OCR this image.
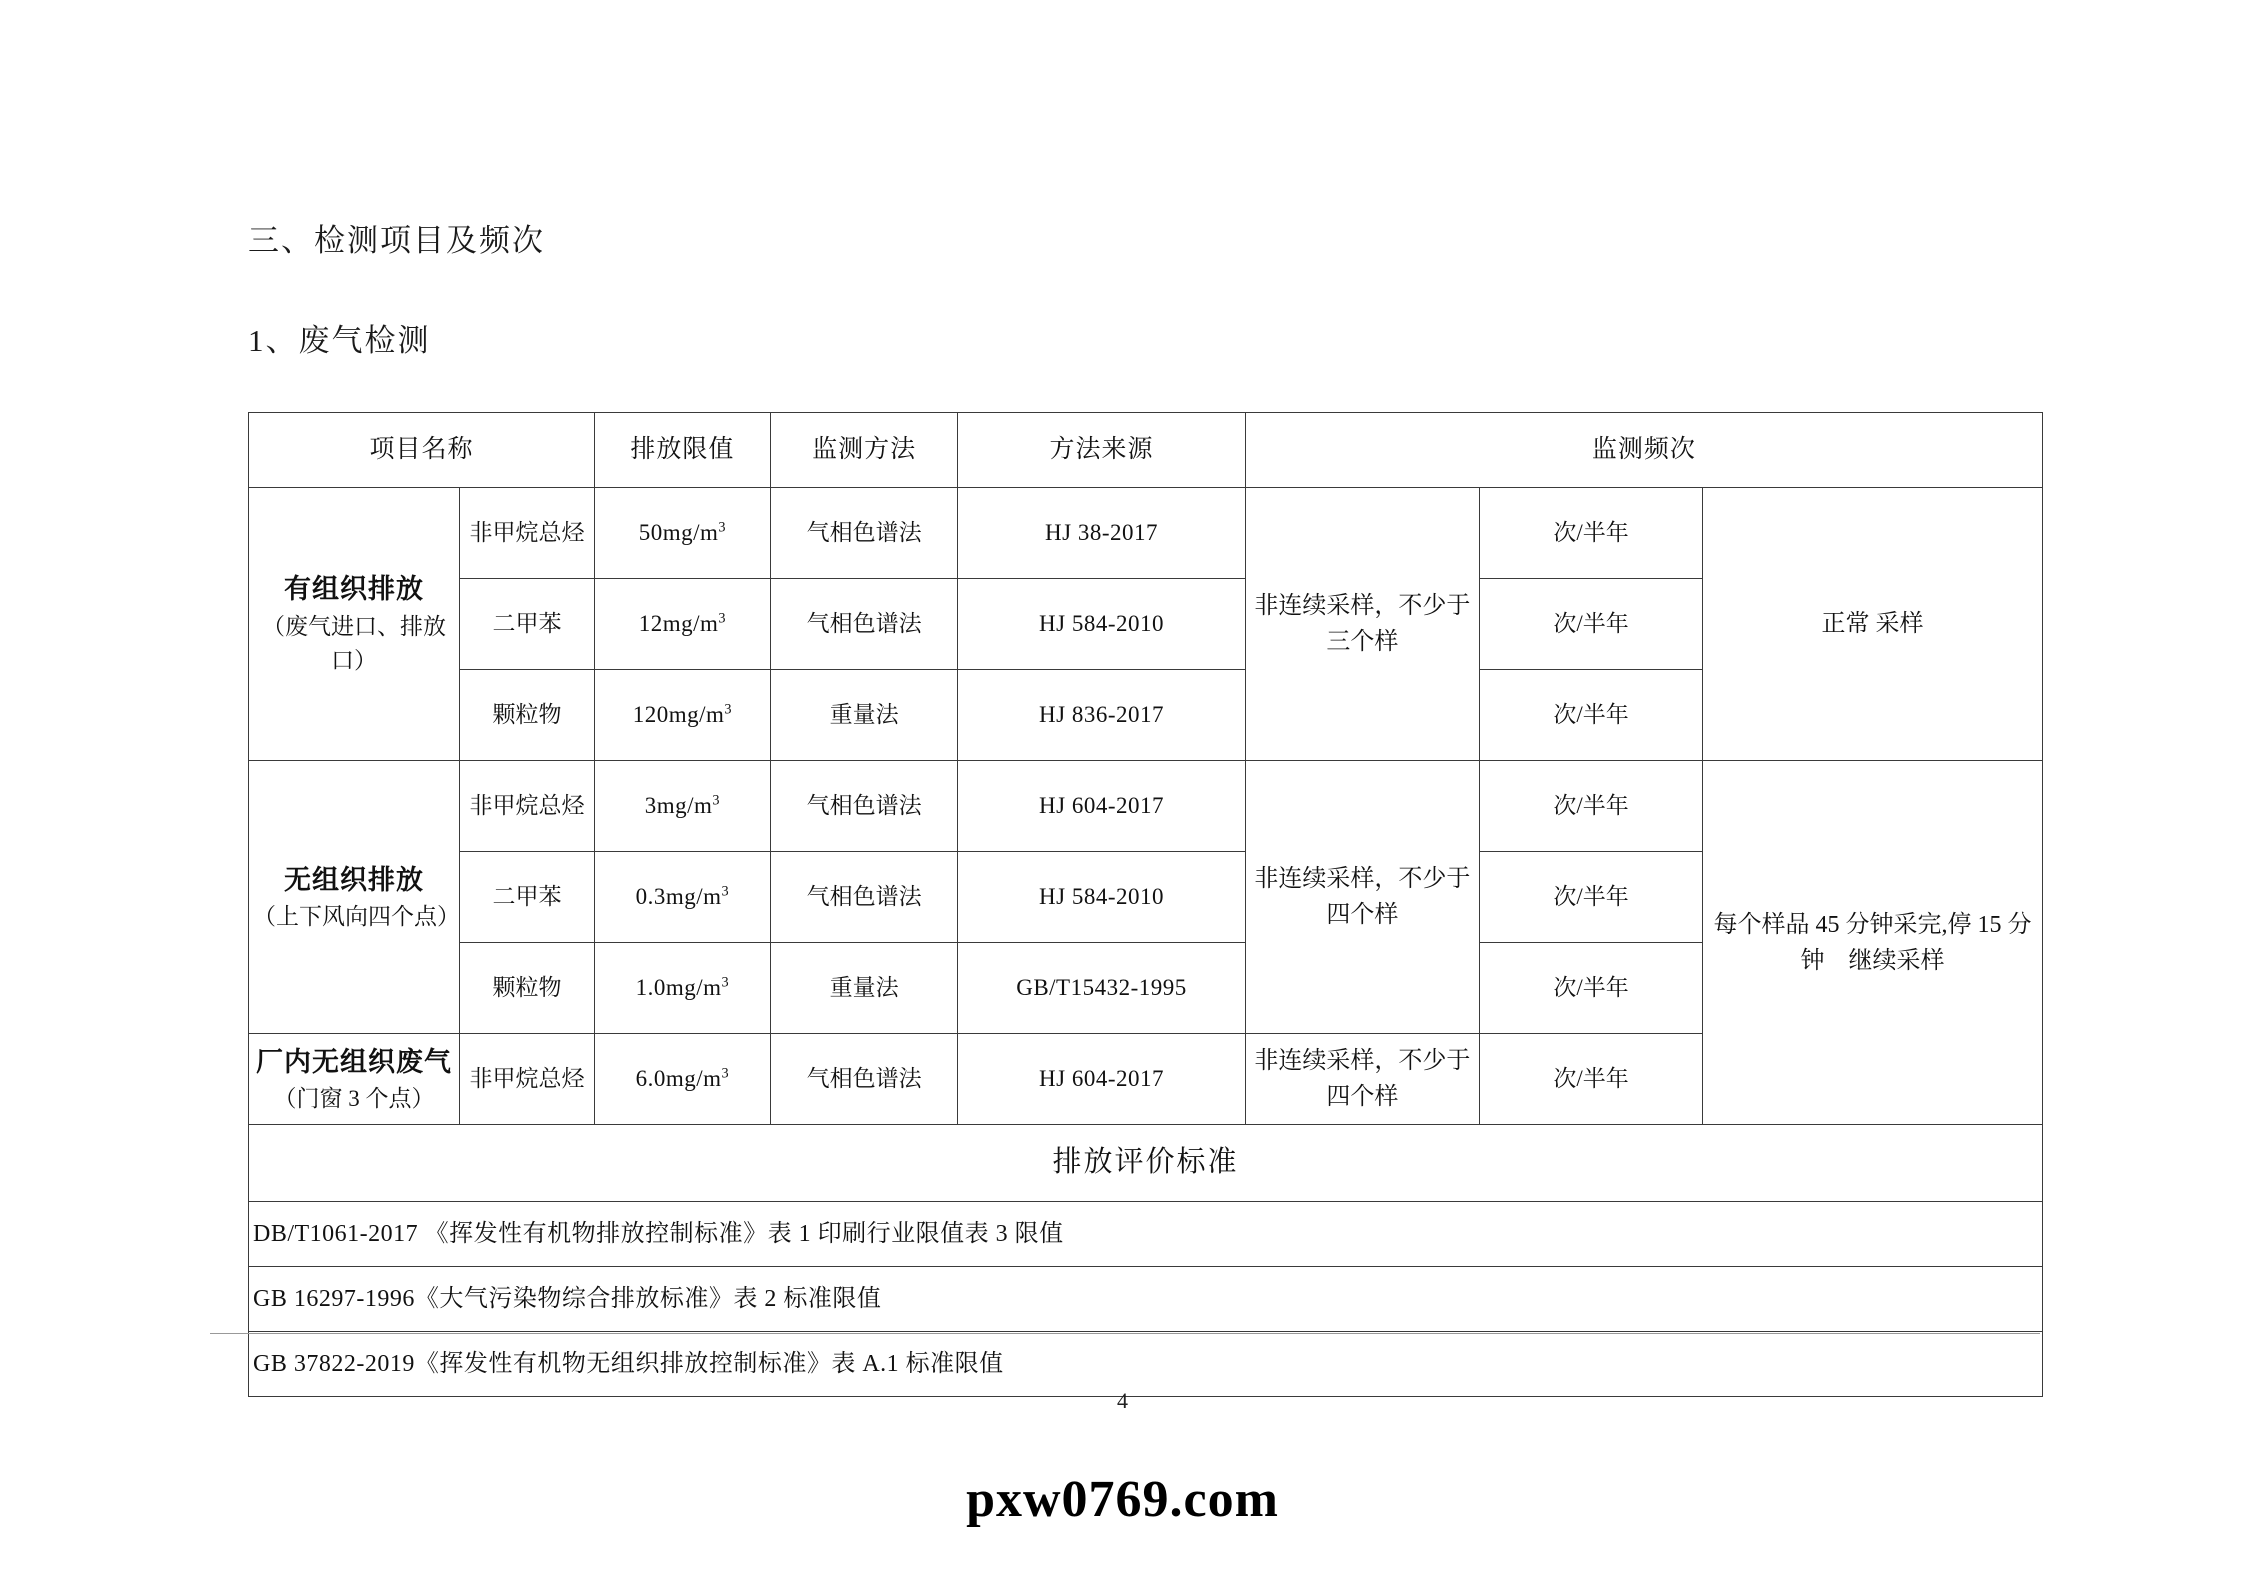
三、检测项目及频次
1、废气检测
项目名称		排放限值	监测方法	方法来源	监测频次		

有组织排放
（废气进口、排放口）	非甲烷总烃	$50mg/m^3$	气相色谱法	HJ 38-2017	非连续采样，不少于三个样	次/半年	正常 采样
	二甲苯	$12mg/m^3$	气相色谱法	HJ 584-2010		次/半年	
	颗粒物	$120mg/m^3$	重量法	HJ 836-2017		次/半年	

无组织排放
（上下风向四个点）	非甲烷总烃	$3mg/m^3$	气相色谱法	HJ 604-2017	非连续采样，不少于四个样	次/半年	每个样品 45 分钟采完,停 15 分钟　继续采样
	二甲苯	$0.3mg/m^3$	气相色谱法	HJ 584-2010		次/半年	
	颗粒物	$1.0mg/m^3$	重量法	GB/T15432-1995		次/半年	

厂内无组织废气
（门窗 3 个点）	非甲烷总烃	$6.0mg/m^3$	气相色谱法	HJ 604-2017	非连续采样，不少于四个样	次/半年	
排放评价标准							
DB/T1061-2017 《挥发性有机物排放控制标准》表 1 印刷行业限值表 3 限值							
GB 16297-1996《大气污染物综合排放标准》表 2 标准限值							
GB 37822-2019《挥发性有机物无组织排放控制标准》表 A.1 标准限值							
4
pxw0769.com
